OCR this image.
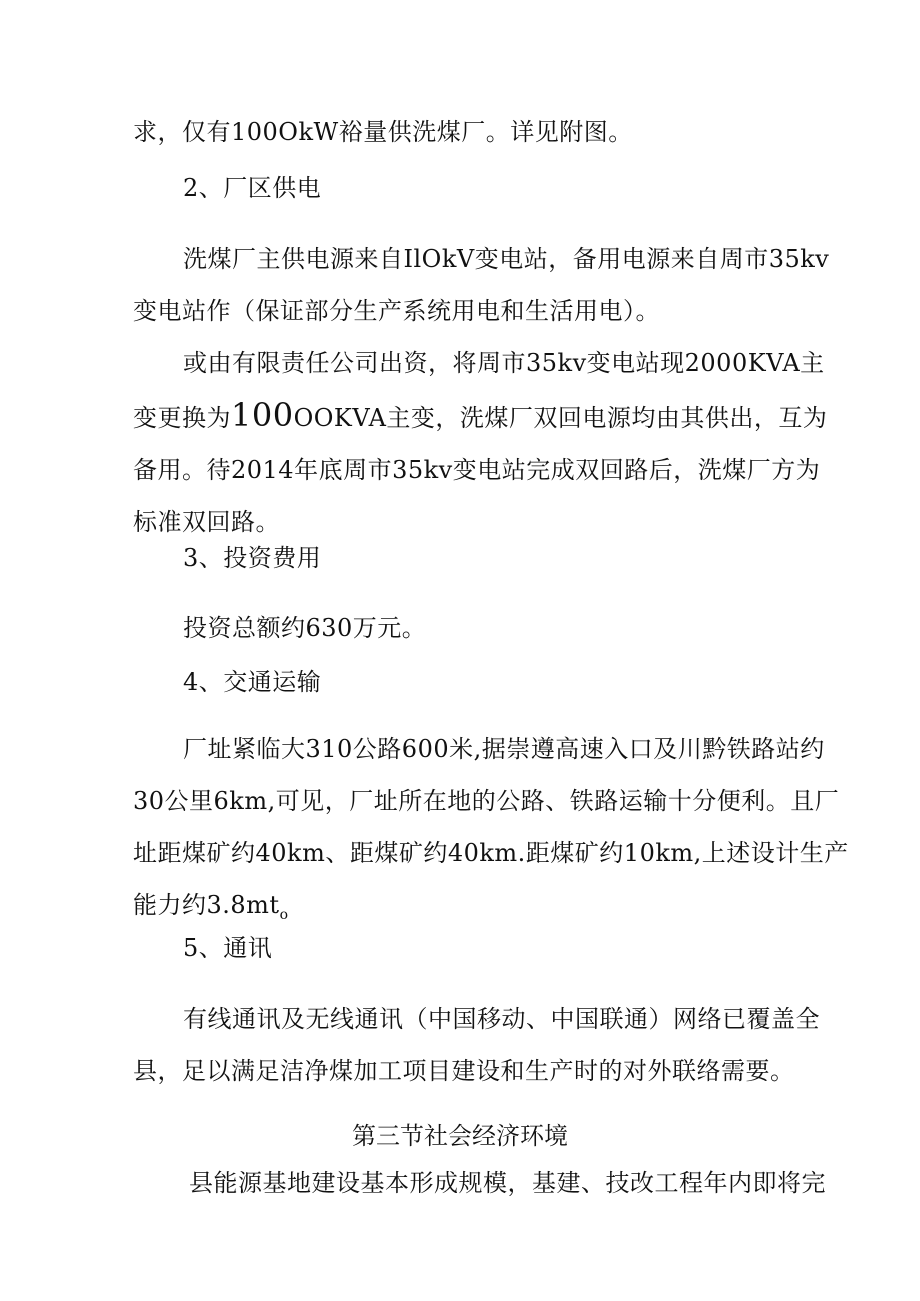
求，仅有100OkW裕量供洗煤厂。详见附图。

2、厂区供电

洗煤厂主供电源来自IlOkV变电站，备用电源来自周市35kv
变电站作（保证部分生产系统用电和生活用电）。

或由有限责任公司出资，将周市35kv变电站现2000KVA主
变更换为100OOKVA主变，洗煤厂双回电源均由其供出，互为
备用。待2014年底周市35kv变电站完成双回路后，洗煤厂方为
标准双回路。

3、投资费用

投资总额约630万元。

4、交通运输

厂址紧临大310公路600米,据崇遵高速入口及川黔铁路站约
30公里6km,可见，厂址所在地的公路、铁路运输十分便利。且厂
址距煤矿约40km、距煤矿约40km.距煤矿约10km,上述设计生产
能力约$3.8mt_o$

5、通讯

有线通讯及无线通讯（中国移动、中国联通）网络已覆盖全
县，足以满足洁净煤加工项目建设和生产时的对外联络需要。

第三节社会经济环境

县能源基地建设基本形成规模，基建、技改工程年内即将完
